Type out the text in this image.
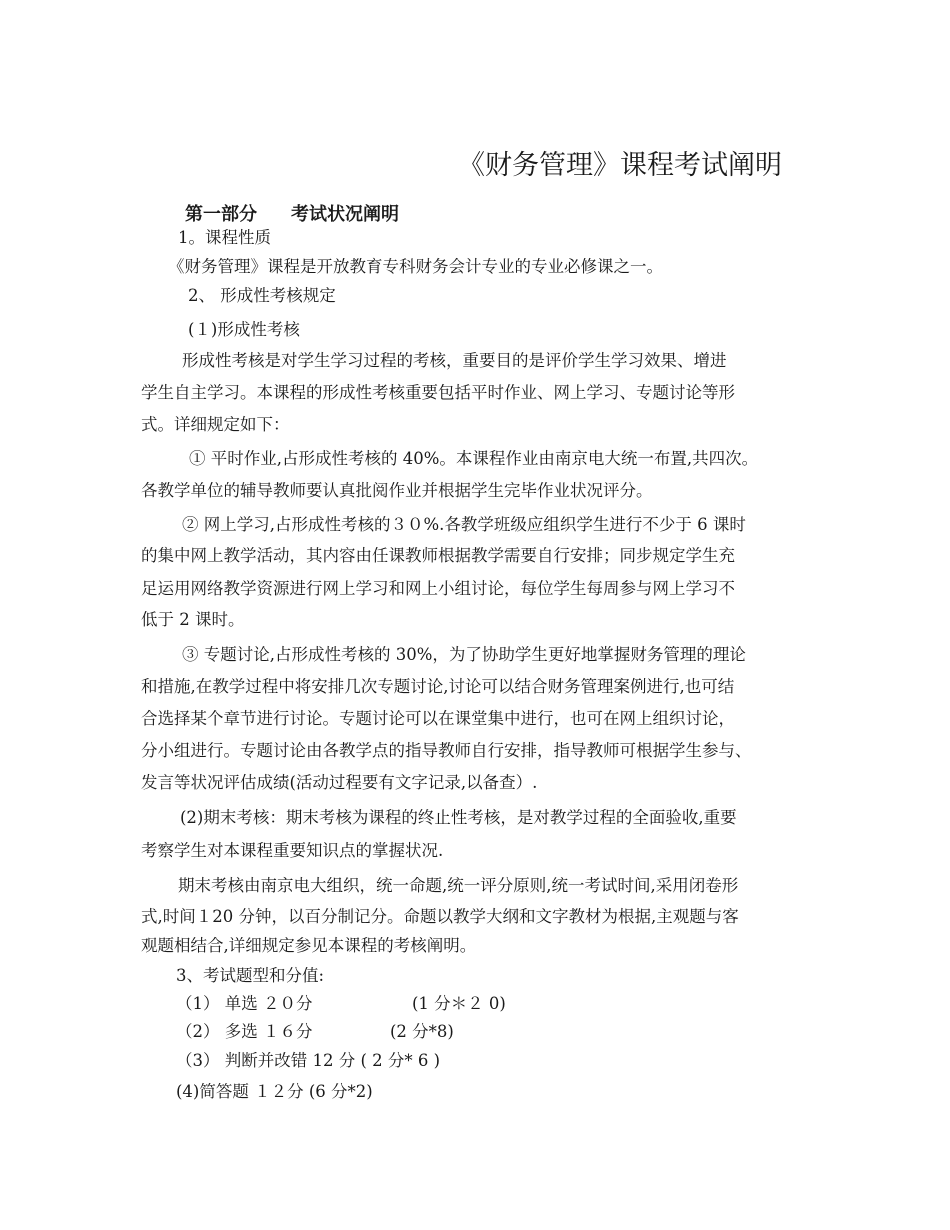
《财务管理》课程考试阐明
第一部分 考试状况阐明
1。课程性质
《财务管理》课程是开放教育专科财务会计专业的专业必修课之一。
2、 形成性考核规定
(１)形成性考核
形成性考核是对学生学习过程的考核，重要目的是评价学生学习效果、增进
学生自主学习。本课程的形成性考核重要包括平时作业、网上学习、专题讨论等形
式。详细规定如下：
① 平时作业,占形成性考核的 40%。本课程作业由南京电大统一布置,共四次。
各教学单位的辅导教师要认真批阅作业并根据学生完毕作业状况评分。
② 网上学习,占形成性考核的３０%.各教学班级应组织学生进行不少于 6 课时
的集中网上教学活动，其内容由任课教师根据教学需要自行安排；同步规定学生充
足运用网络教学资源进行网上学习和网上小组讨论，每位学生每周参与网上学习不
低于 2 课时。
③ 专题讨论,占形成性考核的 30%，为了协助学生更好地掌握财务管理的理论
和措施,在教学过程中将安排几次专题讨论,讨论可以结合财务管理案例进行,也可结
合选择某个章节进行讨论。专题讨论可以在课堂集中进行，也可在网上组织讨论，
分小组进行。专题讨论由各教学点的指导教师自行安排，指导教师可根据学生参与、
发言等状况评估成绩(活动过程要有文字记录,以备查）.
(2)期末考核：期末考核为课程的终止性考核，是对教学过程的全面验收,重要
考察学生对本课程重要知识点的掌握状况.
期末考核由南京电大组织，统一命题,统一评分原则,统一考试时间,采用闭卷形
式,时间１20 分钟，以百分制记分。命题以教学大纲和文字教材为根据,主观题与客
观题相结合,详细规定参见本课程的考核阐明。
3、考试题型和分值:
（1） 单选 ２０分	(1 分＊２ 0)
（2） 多选 １６分	(2 分*8)
（3） 判断并改错 12 分 ( 2 分* 6 )
(4)简答题 １２分 (6 分*2)
